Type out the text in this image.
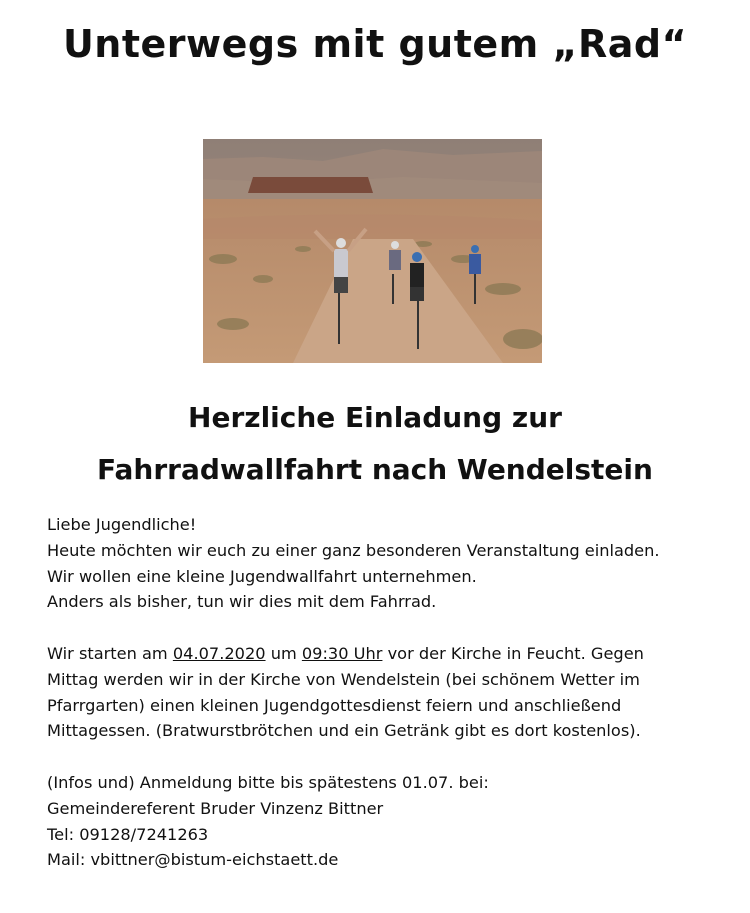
Unterwegs mit gutem „Rad“
Herzliche Einladung zur
Fahrradwallfahrt nach Wendelstein

Liebe Jugendliche!

Heute möchten wir euch zu einer ganz besonderen Veranstaltung einladen.

Wir wollen eine kleine Jugendwallfahrt unternehmen.

Anders als bisher, tun wir dies mit dem Fahrrad.

Wir starten am 04.07.2020 um 09:30 Uhr vor der Kirche in Feucht. Gegen

Mittag werden wir in der Kirche von Wendelstein (bei schönem Wetter im

Pfarrgarten) einen kleinen Jugendgottesdienst feiern und anschließend

Mittagessen. (Bratwurstbrötchen und ein Getränk gibt es dort kostenlos).

(Infos und) Anmeldung bitte bis spätestens 01.07. bei:

Gemeindereferent Bruder Vinzenz Bittner

Tel: 09128/7241263

Mail: vbittner@bistum-eichstaett.de
